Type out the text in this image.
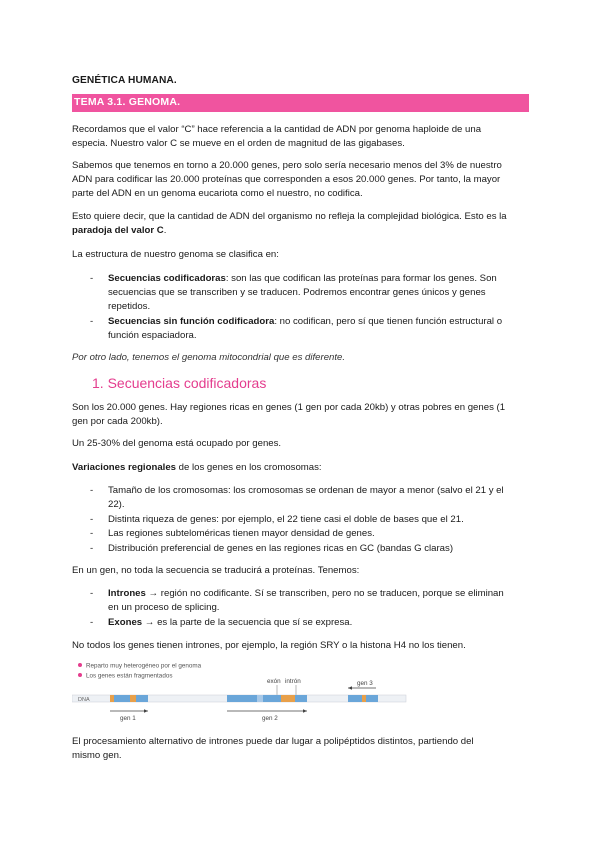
GENÉTICA HUMANA.
TEMA 3.1. GENOMA.
Recordamos que el valor “C” hace referencia a la cantidad de ADN por genoma haploide de una
especia. Nuestro valor C se mueve en el orden de magnitud de las gigabases.
Sabemos que tenemos en torno a 20.000 genes, pero solo sería necesario menos del 3% de nuestro
ADN para codificar las 20.000 proteínas que corresponden a esos 20.000 genes. Por tanto, la mayor
parte del ADN en un genoma eucariota como el nuestro, no codifica.
Esto quiere decir, que la cantidad de ADN del organismo no refleja la complejidad biológica. Esto es la
paradoja del valor C.
La estructura de nuestro genoma se clasifica en:
- Secuencias codificadoras: son las que codifican las proteínas para formar los genes. Son
secuencias que se transcriben y se traducen. Podremos encontrar genes únicos y genes
repetidos.
- Secuencias sin función codificadora: no codifican, pero sí que tienen función estructural o
función espaciadora.
Por otro lado, tenemos el genoma mitocondrial que es diferente.
1. Secuencias codificadoras
Son los 20.000 genes. Hay regiones ricas en genes (1 gen por cada 20kb) y otras pobres en genes (1
gen por cada 200kb).
Un 25-30% del genoma está ocupado por genes.
Variaciones regionales de los genes en los cromosomas:
- Tamaño de los cromosomas: los cromosomas se ordenan de mayor a menor (salvo el 21 y el
22).
- Distinta riqueza de genes: por ejemplo, el 22 tiene casi el doble de bases que el 21.
- Las regiones subteloméricas tienen mayor densidad de genes.
- Distribución preferencial de genes en las regiones ricas en GC (bandas G claras)
En un gen, no toda la secuencia se traducirá a proteínas. Tenemos:
- Intrones → región no codificante. Sí se transcriben, pero no se traducen, porque se eliminan
en un proceso de splicing.
- Exones → es la parte de la secuencia que sí se expresa.
No todos los genes tienen intrones, por ejemplo, la región SRY o la histona H4 no los tienen.
Reparto muy heterogéneo por el genoma
Los genes están fragmentados
exón intrón	gen 3
DNA
gen 1	gen 2
El procesamiento alternativo de intrones puede dar lugar a polipéptidos distintos, partiendo del
mismo gen.
